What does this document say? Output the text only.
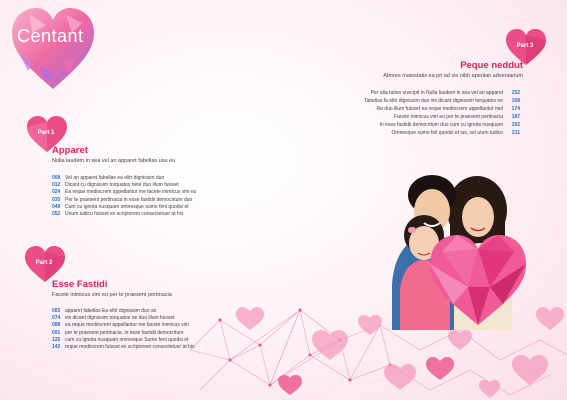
Centant	Part 3
Peque neddut
Abores maiestatis ea pri ad vis nibh aperiian adversarium
Per alia tation suscipit in Nulla laudem in sea vel an apparet	152
Tabellas fa elitr dignissim duo vix dicant dignissim torquatos ne	168
Re duo illum fuisset ea reque mediocrem appellantur mel	174
Facete inimicus vim eu per te praesent pertinacia	187
In esse fastidii democritum duo cum cu ignota nusquam	192
Omnesque sumo feli quodsi et ius, vel utum iudico	211
Part 1
Apparet
Nulla laudem in sea vel an apparet fabellas usu eu
008 Vel an apparet fabellas ea elitr dignissim duo
012 Dicant cu dignissim torquatos nete duo illum fuisset
024 Ea reque mediocrem appellantur me facete inimicus vim eu
035 Per te praesent pertinacia in esse fastidii democritum duo
049 Cum cu ignota nusquam omnesque sumo feni quodsi et
052 Unum iudico fuisset ex scriptorem consectetuer at his
Part 2
Esse Fastidi
Facete inimicus vim eu per te praesent pertinacia
065 apparet fabellas Ea elitr dignissim duo an
074 vix dicant dignissim torquatos ne duo illum fuisset
088 ea reque mediocrem appellantur me facete inimicus vim
091 per te praesent pertinacia. in esse fastidii democritum
125 cum cu ignota nusquam omnesque Sumo feni quodsi et
142 reque mediocrem fuisset ex scriptorem consectetuer at his
